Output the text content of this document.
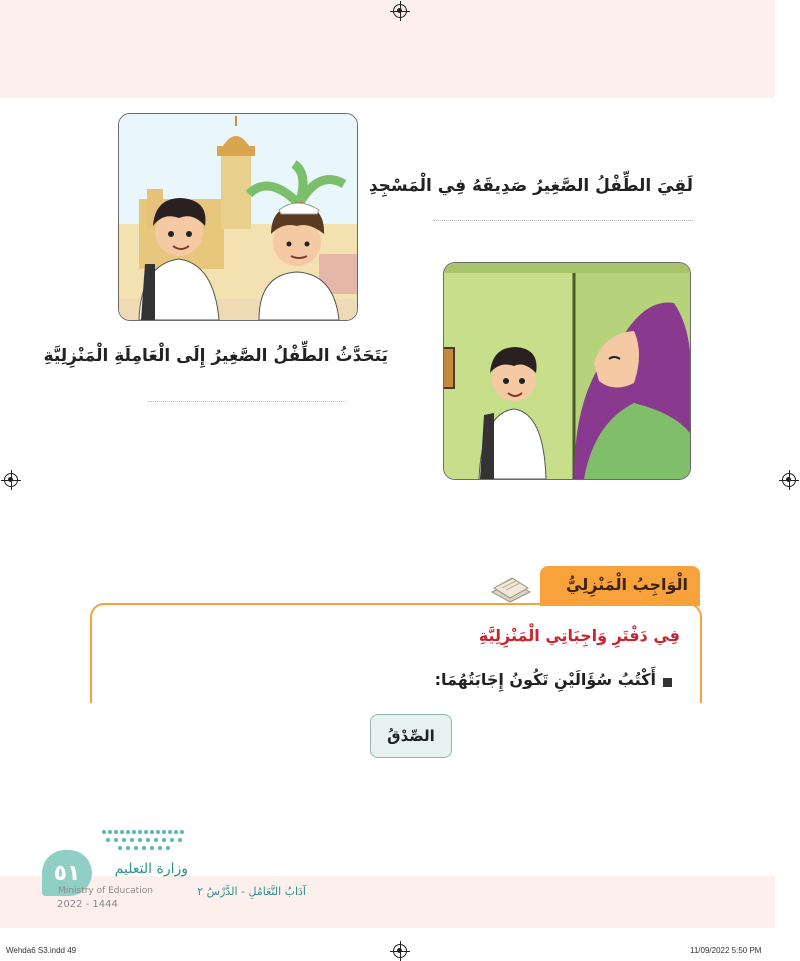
لَقِيَ الطِّفْلُ الصَّغِيرُ صَدِيقَهُ فِي الْمَسْجِدِ
يَتَحَدَّثُ الطِّفْلُ الصَّغِيرُ إِلَى الْعَامِلَةِ الْمَنْزِلِيَّةِ
الْوَاجِبُ الْمَنْزِلِيُّ
فِي دَفْتَرِ وَاجِبَاتِي الْمَنْزِلِيَّةِ
أَكْتُبُ سُؤَالَيْنِ تَكُونُ إِجَابَتُهُمَا:
الصِّدْقُ
٥١	وزارة التعليم
Ministry of Education
2022 - 1444
آدَابُ التَّعَامُلِ - الدَّرْسُ ٢
Wehda6 S3.indd 49	11/09/2022 5:50 PM
